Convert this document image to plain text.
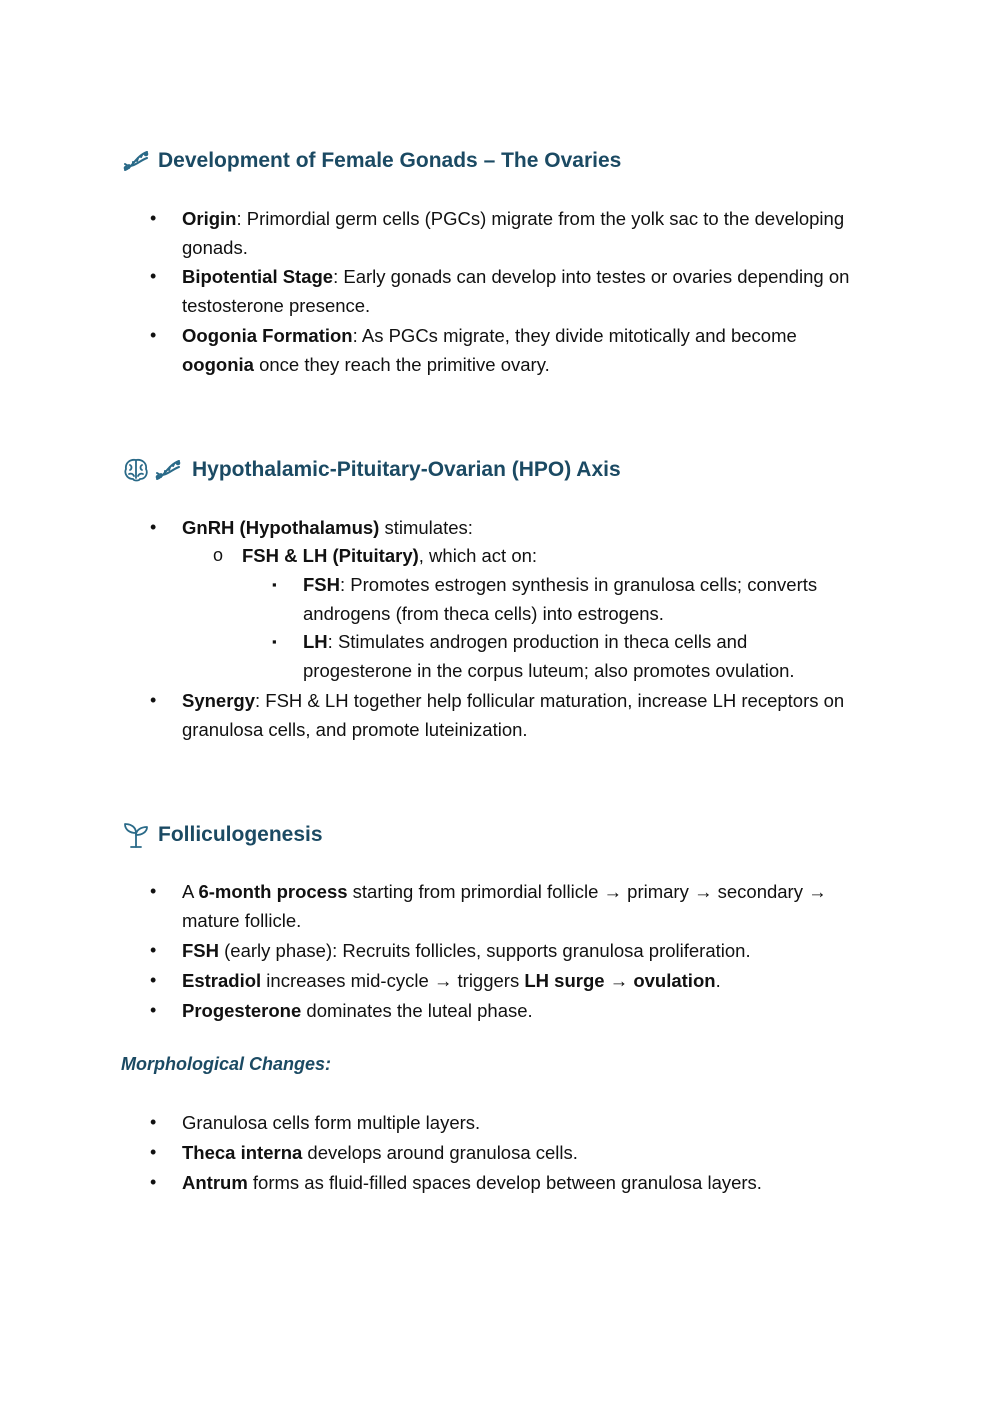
Development of Female Gonads – The Ovaries
• Origin: Primordial germ cells (PGCs) migrate from the yolk sac to the developing
gonads.
• Bipotential Stage: Early gonads can develop into testes or ovaries depending on
testosterone presence.
• Oogonia Formation: As PGCs migrate, they divide mitotically and become
oogonia once they reach the primitive ovary.
Hypothalamic-Pituitary-Ovarian (HPO) Axis
• GnRH (Hypothalamus) stimulates:
o FSH & LH (Pituitary), which act on:
▪ FSH: Promotes estrogen synthesis in granulosa cells; converts
androgens (from theca cells) into estrogens.
▪ LH: Stimulates androgen production in theca cells and
progesterone in the corpus luteum; also promotes ovulation.
• Synergy: FSH & LH together help follicular maturation, increase LH receptors on
granulosa cells, and promote luteinization.
Folliculogenesis
• A 6-month process starting from primordial follicle → primary → secondary →
mature follicle.
• FSH (early phase): Recruits follicles, supports granulosa proliferation.
• Estradiol increases mid-cycle → triggers LH surge → ovulation.
• Progesterone dominates the luteal phase.
Morphological Changes:
• Granulosa cells form multiple layers.
• Theca interna develops around granulosa cells.
• Antrum forms as fluid-filled spaces develop between granulosa layers.
